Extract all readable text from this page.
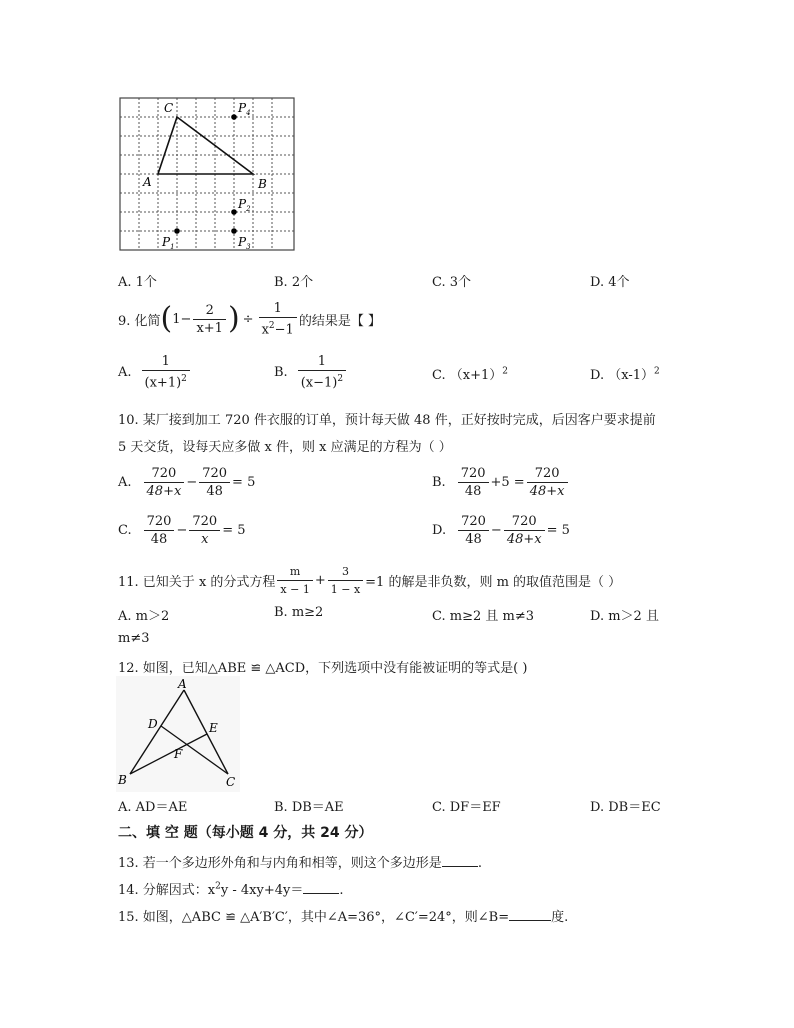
C
A	B
$P_4$
$P_2$
$P_1$	$P_3$
A. 1个	B. 2个	C. 3个	D. 4个
9. 化简 ( $1 - \frac{2}{x+1}$ ) ÷ $\frac{1}{x^2-1}$ 的结果是【 】
A. $\frac{1}{(x+1)^2}$	B. $\frac{1}{(x-1)^2}$	C. $(x+1)^2$	D. $(x-1)^2$
10. 某厂接到加工 720 件衣服的订单，预计每天做 48 件，正好按时完成，后因客户要求提前
5 天交货，设每天应多做 x 件，则 x 应满足的方程为（ ）
A. $\frac{720}{48+x} - \frac{720}{48} = 5$	B. $\frac{720}{48} +5 = \frac{720}{48+x}$
C. $\frac{720}{48} - \frac{720}{x} = 5$	D. $\frac{720}{48} - \frac{720}{48+x} = 5$
11. 已知关于 x 的分式方程 $\frac{m}{x - 1} + \frac{3}{1 - x} =1$ 的解是非负数，则 m 的取值范围是（ ）
A. m＞2	B. m≥2	C. m≥2 且 m≠3	D. m＞2 且
m≠3
12. 如图，已知△ABE ≌ △ACD，下列选项中没有能被证明的等式是( )
A
D	E
F
B	C
A. AD＝AE	B. DB＝AE	C. DF＝EF	D. DB＝EC
二、填 空 题（每小题 4 分，共 24 分）
13. 若一个多边形外角和与内角和相等，则这个多边形是	.
14. 分解因式：$x^2y - 4xy+4y=$	.
15. 如图，△ABC ≌ △A′B′C′，其中∠A=36°，∠C′=24°，则∠B=	度.
